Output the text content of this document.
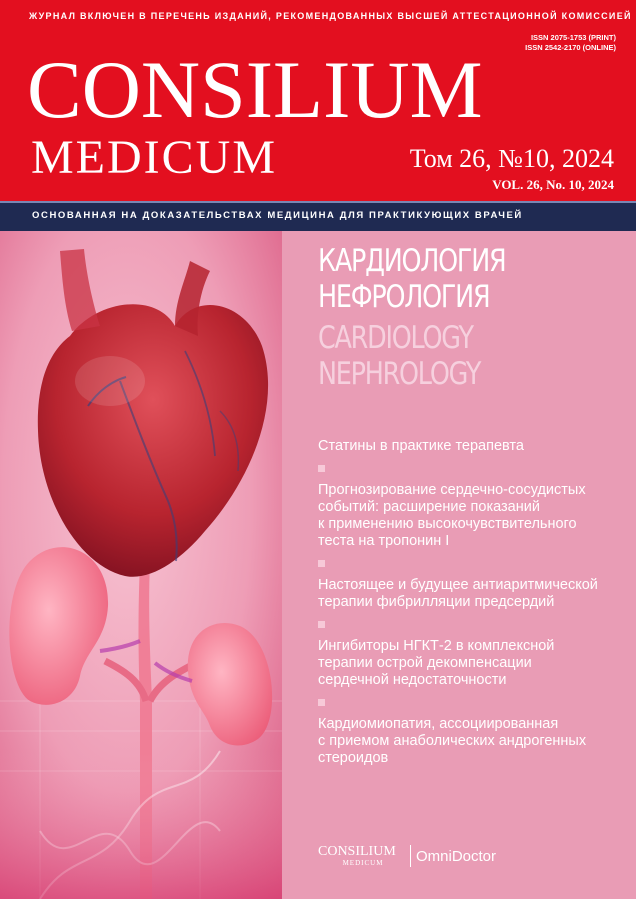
ЖУРНАЛ ВКЛЮЧЕН В ПЕРЕЧЕНЬ ИЗДАНИЙ, РЕКОМЕНДОВАННЫХ ВЫСШЕЙ АТТЕСТАЦИОННОЙ КОМИССИЕЙ
ISSN 2075-1753 (PRINT)
ISSN 2542-2170 (ONLINE)
CONSILIUM
MEDICUM	Том 26, №10, 2024
VOL. 26, No. 10, 2024
ОСНОВАННАЯ НА ДОКАЗАТЕЛЬСТВАХ МЕДИЦИНА ДЛЯ ПРАКТИКУЮЩИХ ВРАЧЕЙ
КАРДИОЛОГИЯ
НЕФРОЛОГИЯ
CARDIOLOGY
NEPHROLOGY
Статины в практике терапевта
Прогнозирование сердечно-сосудистых
событий: расширение показаний
к применению высокочувствительного
теста на тропонин I
Настоящее и будущее антиаритмической
терапии фибрилляции предсердий
Ингибиторы НГКТ-2 в комплексной
терапии острой декомпенсации
сердечной недостаточности
Кардиомиопатия, ассоциированная
с приемом анаболических андрогенных
стероидов
CONSILIUM
MEDICUM	OmniDoctor
